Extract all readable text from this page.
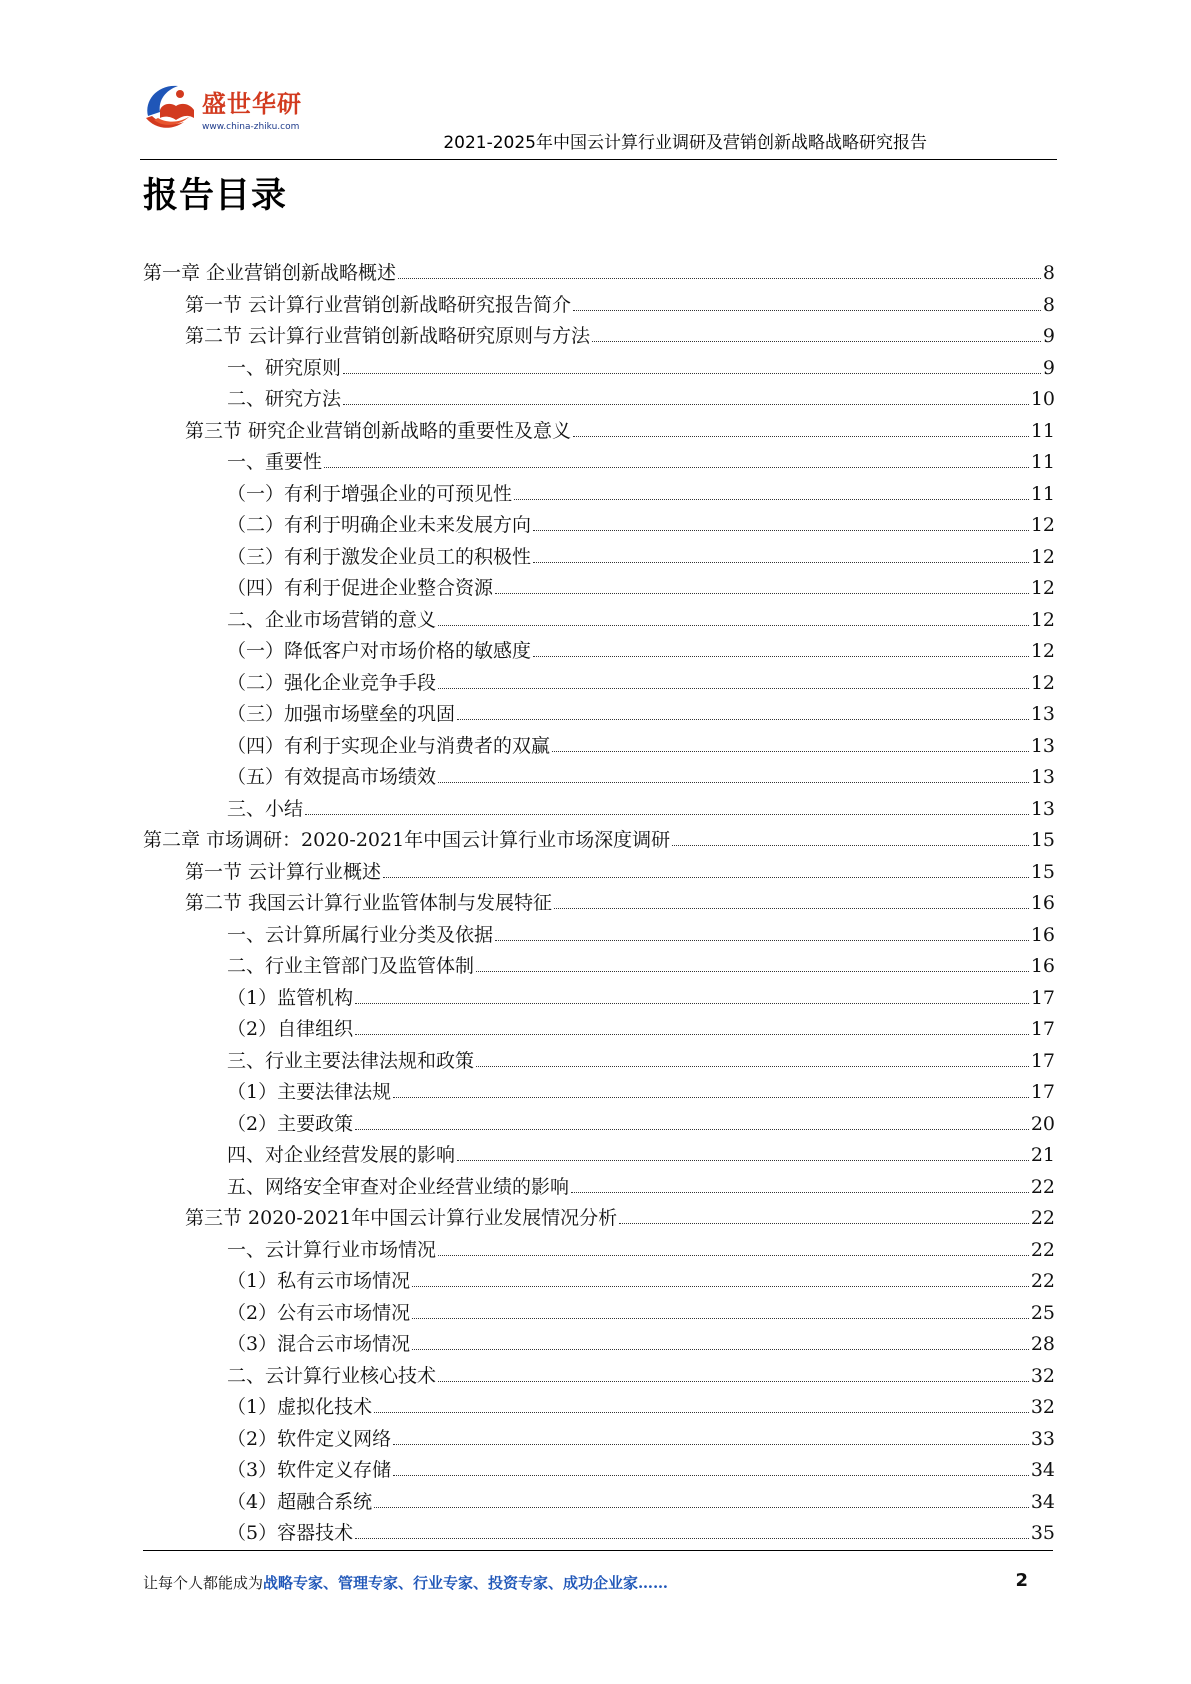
盛世华研
www.china-zhiku.com
2021-2025年中国云计算行业调研及营销创新战略战略研究报告
报告目录
第一章 企业营销创新战略概述	8
第一节 云计算行业营销创新战略研究报告简介	8
第二节 云计算行业营销创新战略研究原则与方法	9
一、研究原则	9
二、研究方法	10
第三节 研究企业营销创新战略的重要性及意义	11
一、重要性	11
（一）有利于增强企业的可预见性	11
（二）有利于明确企业未来发展方向	12
（三）有利于激发企业员工的积极性	12
（四）有利于促进企业整合资源	12
二、企业市场营销的意义	12
（一）降低客户对市场价格的敏感度	12
（二）强化企业竞争手段	12
（三）加强市场壁垒的巩固	13
（四）有利于实现企业与消费者的双赢	13
（五）有效提高市场绩效	13
三、小结	13
第二章 市场调研：2020-2021年中国云计算行业市场深度调研	15
第一节 云计算行业概述	15
第二节 我国云计算行业监管体制与发展特征	16
一、云计算所属行业分类及依据	16
二、行业主管部门及监管体制	16
（1）监管机构	17
（2）自律组织	17
三、行业主要法律法规和政策	17
（1）主要法律法规	17
（2）主要政策	20
四、对企业经营发展的影响	21
五、网络安全审查对企业经营业绩的影响	22
第三节 2020-2021年中国云计算行业发展情况分析	22
一、云计算行业市场情况	22
（1）私有云市场情况	22
（2）公有云市场情况	25
（3）混合云市场情况	28
二、云计算行业核心技术	32
（1）虚拟化技术	32
（2）软件定义网络	33
（3）软件定义存储	34
（4）超融合系统	34
（5）容器技术	35
让每个人都能成为战略专家、管理专家、行业专家、投资专家、成功企业家……	2
